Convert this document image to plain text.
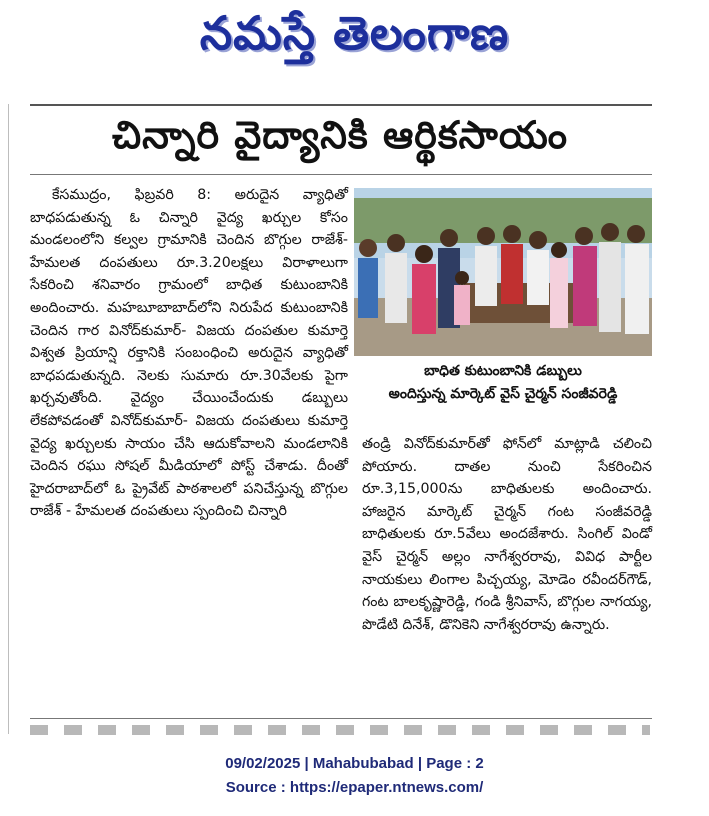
నమస్తే తెలంగాణ
చిన్నారి వైద్యానికి ఆర్థికసాయం

కేసముద్రం, ఫిబ్రవరి 8: అరుదైన వ్యాధితో బాధపడుతున్న ఓ చిన్నారి వైద్య ఖర్చుల కోసం మండలంలోని కల్వల గ్రామానికి చెందిన బొగ్గుల రాజేశ్-హేమలత దంపతులు రూ.3.20లక్షలు విరాళాలుగా సేకరించి శనివారం గ్రామంలో బాధిత కుటుంబానికి అందించారు. మహబూబాబాద్‌లోని నిరుపేద కుటుంబానికి చెందిన గార వినోద్‌కుమార్- విజయ దంపతుల కుమార్తె విశ్వత ప్రియాన్షి రక్తానికి సంబంధించి అరుదైన వ్యాధితో బాధపడుతున్నది. నెలకు సుమారు రూ.30వేలకు పైగా ఖర్చవుతోంది. వైద్యం చేయించేందుకు డబ్బులు లేకపోవడంతో వినోద్‌కుమార్- విజయ దంపతులు కుమార్తె వైద్య ఖర్చులకు సాయం చేసి ఆదుకోవాలని మండలానికి చెందిన రఘు సోషల్ మీడియాలో పోస్ట్ చేశాడు. దీంతో హైదరాబాద్‌లో ఓ ప్రైవేట్ పాఠశాలలో పనిచేస్తున్న బొగ్గుల రాజేశ్ - హేమలత దంపతులు స్పందించి చిన్నారి

బాధిత కుటుంబానికి డబ్బులు
అందిస్తున్న మార్కెట్ వైస్ చైర్మన్ సంజీవరెడ్డి

తండ్రి వినోద్‌కుమార్‌తో ఫోన్‌లో మాట్లాడి చలించి పోయారు. దాతల నుంచి సేకరించిన రూ.3,15,000ను బాధితులకు అందించారు. హాజరైన మార్కెట్ చైర్మన్ గంట సంజీవరెడ్డి బాధితులకు రూ.5వేలు అందజేశారు. సింగిల్ విండో వైస్ చైర్మన్ అల్లం నాగేశ్వరరావు, వివిధ పార్టీల నాయకులు లింగాల పిచ్చయ్య, మోడెం రవీందర్‌గౌడ్, గంట బాలకృష్ణారెడ్డి, గండి శ్రీనివాస్, బొగ్గుల నాగయ్య, పొడేటి దినేశ్, డొనికెని నాగేశ్వరరావు ఉన్నారు.

09/02/2025 | Mahabubabad | Page : 2
Source : https://epaper.ntnews.com/
